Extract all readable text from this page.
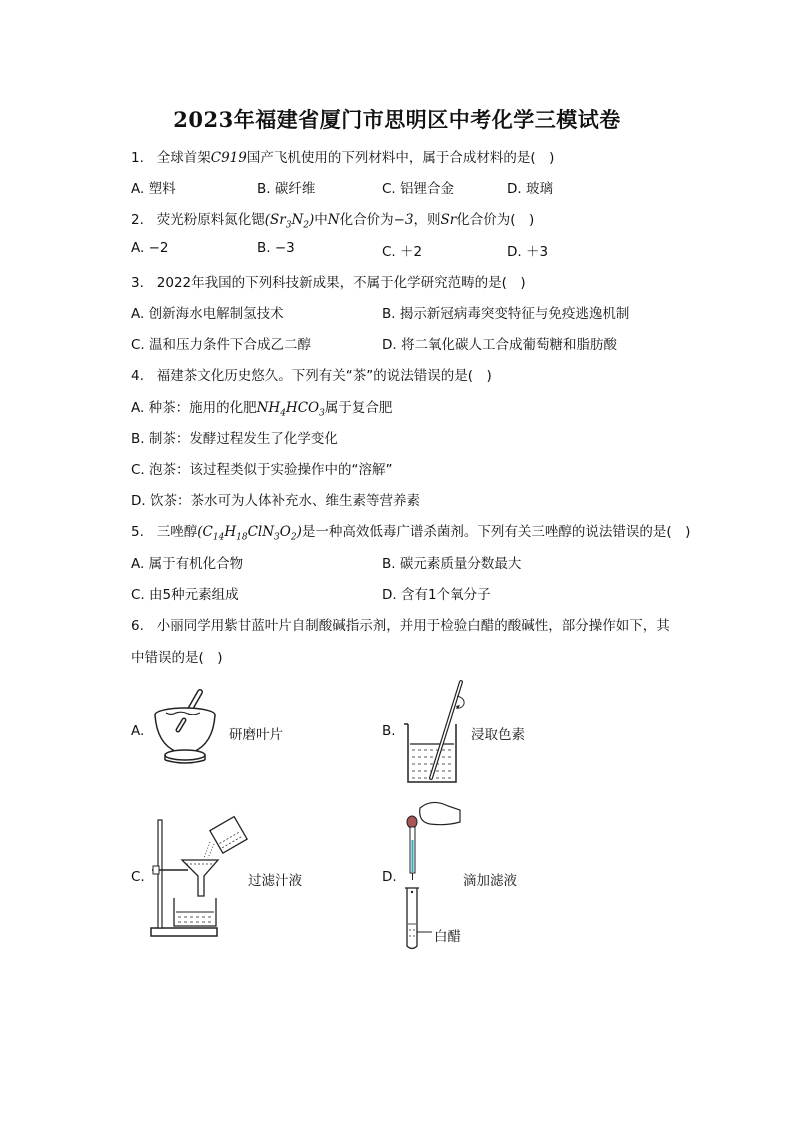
2023年福建省厦门市思明区中考化学三模试卷
1. 全球首架C919国产飞机使用的下列材料中，属于合成材料的是(　)
A. 塑料	B. 碳纤维	C. 铝锂合金	D. 玻璃
2. 荧光粉原料氮化锶$(Sr_3N_2)$中N化合价为−3，则Sr化合价为(　)
A. −2	B. −3	C. ＋2	D. ＋3
3. 2022年我国的下列科技新成果，不属于化学研究范畴的是(　)
A. 创新海水电解制氢技术	B. 揭示新冠病毒突变特征与免疫逃逸机制
C. 温和压力条件下合成乙二醇	D. 将二氧化碳人工合成葡萄糖和脂肪酸
4. 福建茶文化历史悠久。下列有关“茶”的说法错误的是(　)
A. 种茶：施用的化肥$NH_4HCO_3$属于复合肥
B. 制茶：发酵过程发生了化学变化
C. 泡茶：该过程类似于实验操作中的“溶解”
D. 饮茶：茶水可为人体补充水、维生素等营养素
5. 三唑醇$(C_{14}H_{18}ClN_3O_2)$是一种高效低毒广谱杀菌剂。下列有关三唑醇的说法错误的是(　)
A. 属于有机化合物	B. 碳元素质量分数最大
C. 由5种元素组成	D. 含有1个氧分子
6. 小丽同学用紫甘蓝叶片自制酸碱指示剂，并用于检验白醋的酸碱性，部分操作如下，其
中错误的是(　)
A.	研磨叶片	B.	浸取色素
C.	过滤汁液	D.	滴加滤液
白醋
